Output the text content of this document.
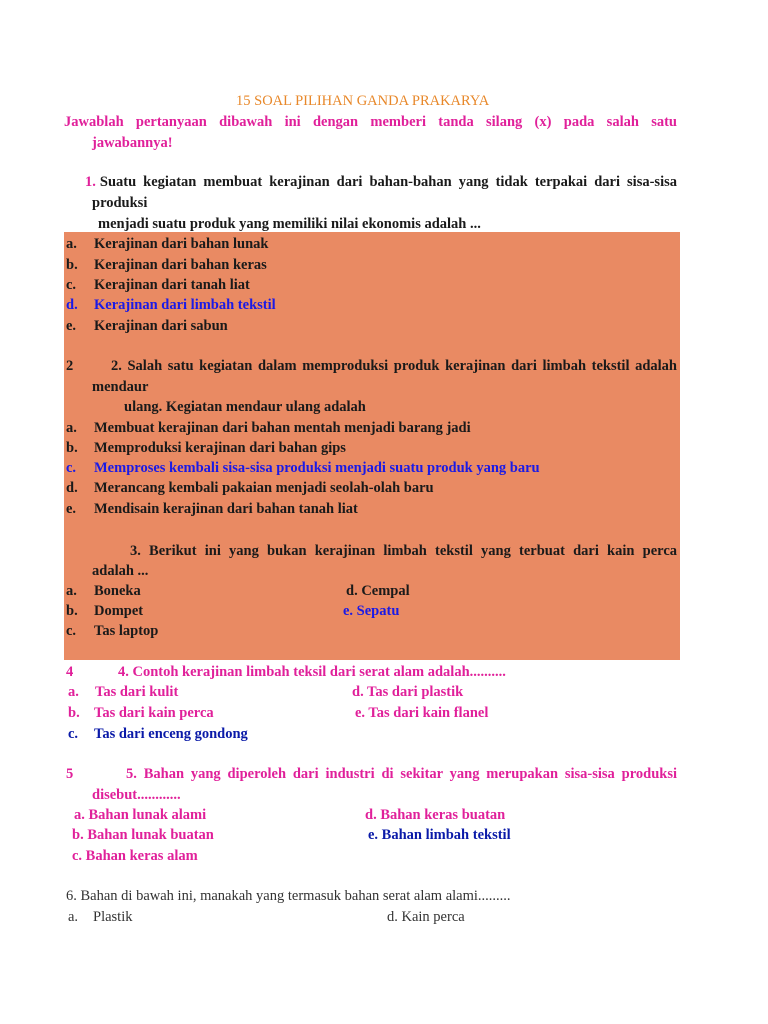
15 SOAL PILIHAN GANDA PRAKARYA
Jawablah pertanyaan dibawah ini dengan memberi tanda silang (x) pada salah satu
jawabannya!
1. Suatu kegiatan membuat kerajinan dari bahan-bahan yang tidak terpakai dari sisa-sisa
produksi
menjadi suatu produk yang memiliki nilai ekonomis adalah ...
a. Kerajinan dari bahan lunak
b. Kerajinan dari bahan keras
c. Kerajinan dari tanah liat
d. Kerajinan dari limbah tekstil
e. Kerajinan dari sabun
2	2. Salah satu kegiatan dalam memproduksi produk kerajinan dari limbah tekstil adalah
mendaur
ulang. Kegiatan mendaur ulang adalah
a. Membuat kerajinan dari bahan mentah menjadi barang jadi
b. Memproduksi kerajinan dari bahan gips
c. Memproses kembali sisa-sisa produksi menjadi suatu produk yang baru
d. Merancang kembali pakaian menjadi seolah-olah baru
e. Mendisain kerajinan dari bahan tanah liat
3. Berikut ini yang bukan kerajinan limbah tekstil yang terbuat dari kain perca
adalah ...
a. Boneka
b. Dompet
c. Tas laptop
d. Cempal
e. Sepatu
4	4. Contoh kerajinan limbah teksil dari serat alam adalah..........
a. Tas dari kulit
b. Tas dari kain perca
c. Tas dari enceng gondong
d. Tas dari plastik
e. Tas dari kain flanel
5	5 . Bahan yang diperoleh dari industri di sekitar yang merupakan sisa-sisa produksi
disebut............
a. Bahan lunak alami
b. Bahan lunak buatan
c. Bahan keras alam
d. Bahan keras buatan
e. Bahan limbah tekstil
6. Bahan di bawah ini, manakah yang termasuk bahan serat alam alami.........
a. Plastik	d. Kain perca
